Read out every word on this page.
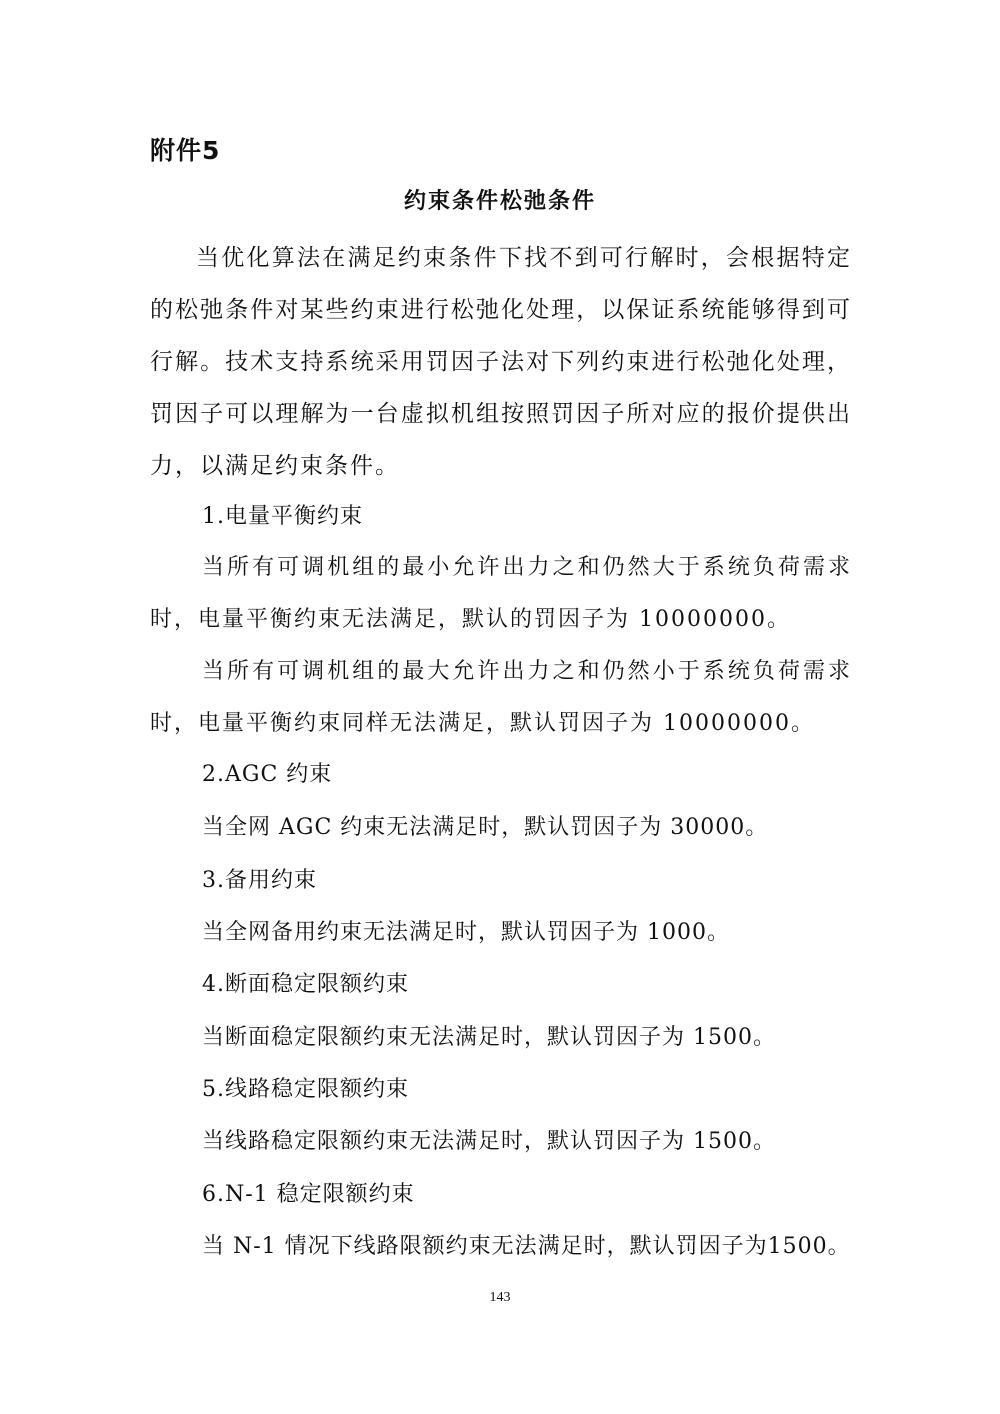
附件5
约束条件松弛条件

当优化算法在满足约束条件下找不到可行解时，会根据特定的松弛条件对某些约束进行松弛化处理，以保证系统能够得到可行解。技术支持系统采用罚因子法对下列约束进行松弛化处理，罚因子可以理解为一台虚拟机组按照罚因子所对应的报价提供出力，以满足约束条件。

1.电量平衡约束

当所有可调机组的最小允许出力之和仍然大于系统负荷需求时，电量平衡约束无法满足，默认的罚因子为 10000000。

当所有可调机组的最大允许出力之和仍然小于系统负荷需求时，电量平衡约束同样无法满足，默认罚因子为 10000000。

2.AGC 约束
当全网 AGC 约束无法满足时，默认罚因子为 30000。
3.备用约束
当全网备用约束无法满足时，默认罚因子为 1000。
4.断面稳定限额约束
当断面稳定限额约束无法满足时，默认罚因子为 1500。
5.线路稳定限额约束
当线路稳定限额约束无法满足时，默认罚因子为 1500。
6.N-1 稳定限额约束
当 N-1 情况下线路限额约束无法满足时，默认罚因子为1500。
143
